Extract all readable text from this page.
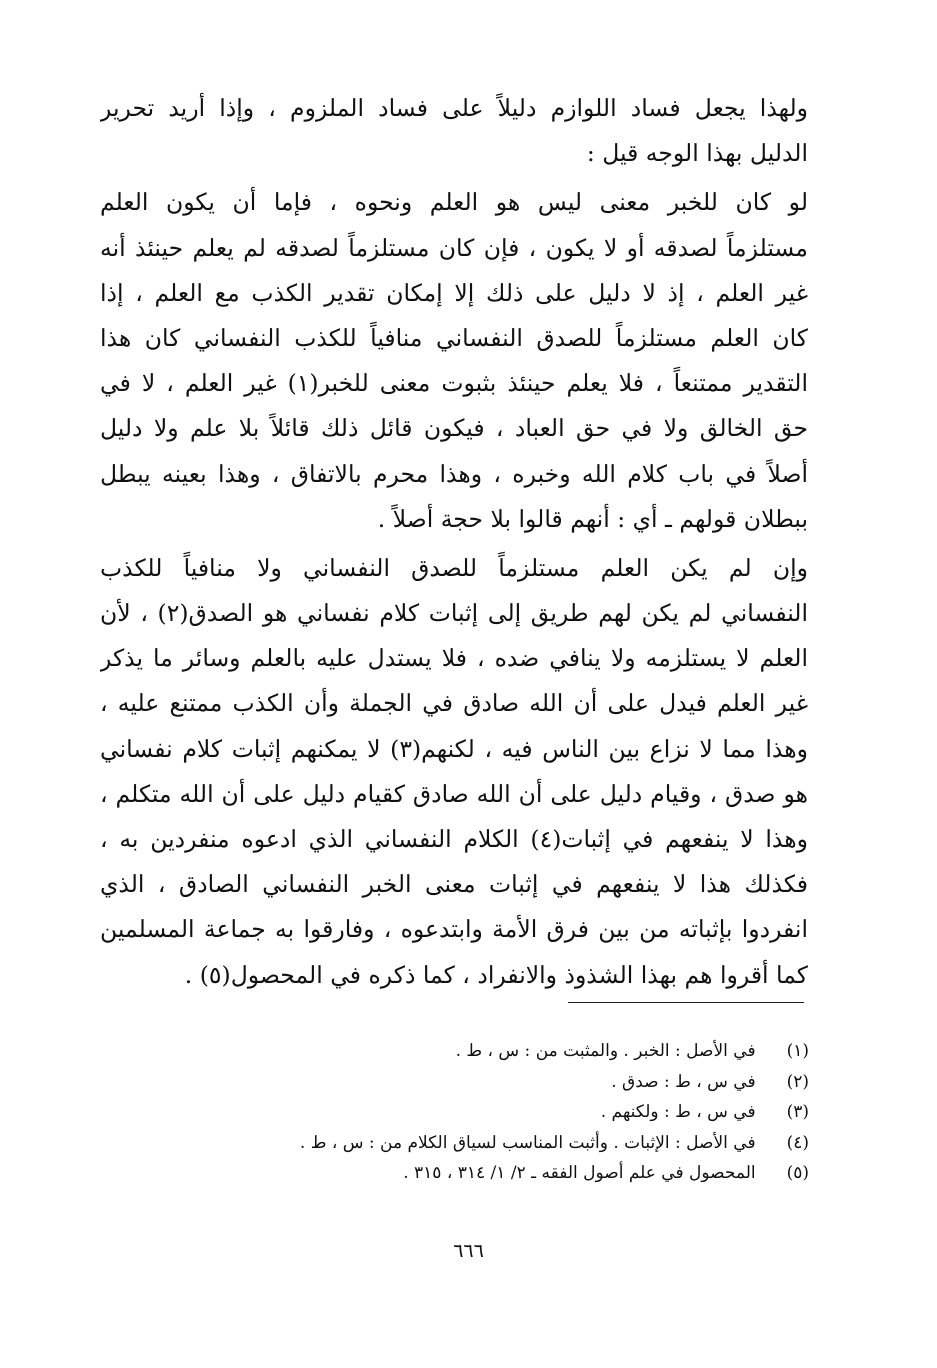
ولهذا يجعل فساد اللوازم دليلاً على فساد الملزوم ، وإذا أريد تحرير
الدليل بهذا الوجه قيل :
لو كان للخبر معنى ليس هو العلم ونحوه ، فإما أن يكون العلم
مستلزماً لصدقه أو لا يكون ، فإن كان مستلزماً لصدقه لم يعلم حينئذ أنه
غير العلم ، إذ لا دليل على ذلك إلا إمكان تقدير الكذب مع العلم ، إذا
كان العلم مستلزماً للصدق النفساني منافياً للكذب النفساني كان هذا
التقدير ممتنعاً ، فلا يعلم حينئذ بثبوت معنى للخبر(١) غير العلم ، لا في
حق الخالق ولا في حق العباد ، فيكون قائل ذلك قائلاً بلا علم ولا دليل
أصلاً في باب كلام الله وخبره ، وهذا محرم بالاتفاق ، وهذا بعينه يبطل
ببطلان قولهم ـ أي : أنهم قالوا بلا حجة أصلاً .
وإن لم يكن العلم مستلزماً للصدق النفساني ولا منافياً للكذب
النفساني لم يكن لهم طريق إلى إثبات كلام نفساني هو الصدق(٢) ، لأن
العلم لا يستلزمه ولا ينافي ضده ، فلا يستدل عليه بالعلم وسائر ما يذكر
غير العلم فيدل على أن الله صادق في الجملة وأن الكذب ممتنع عليه ،
وهذا مما لا نزاع بين الناس فيه ، لكنهم(٣) لا يمكنهم إثبات كلام نفساني
هو صدق ، وقيام دليل على أن الله صادق كقيام دليل على أن الله متكلم ،
وهذا لا ينفعهم في إثبات(٤) الكلام النفساني الذي ادعوه منفردين به ،
فكذلك هذا لا ينفعهم في إثبات معنى الخبر النفساني الصادق ، الذي
انفردوا بإثباته من بين فرق الأمة وابتدعوه ، وفارقوا به جماعة المسلمين
كما أقروا هم بهذا الشذوذ والانفراد ، كما ذكره في المحصول(٥) .
(١) في الأصل : الخبر . والمثبت من : س ، ط .
(٢) في س ، ط : صدق .
(٣) في س ، ط : ولكنهم .
(٤) في الأصل : الإثبات . وأثبت المناسب لسياق الكلام من : س ، ط .
(٥) المحصول في علم أصول الفقه ـ ٢/ ١/ ٣١٤ ، ٣١٥ .
٦٦٦
